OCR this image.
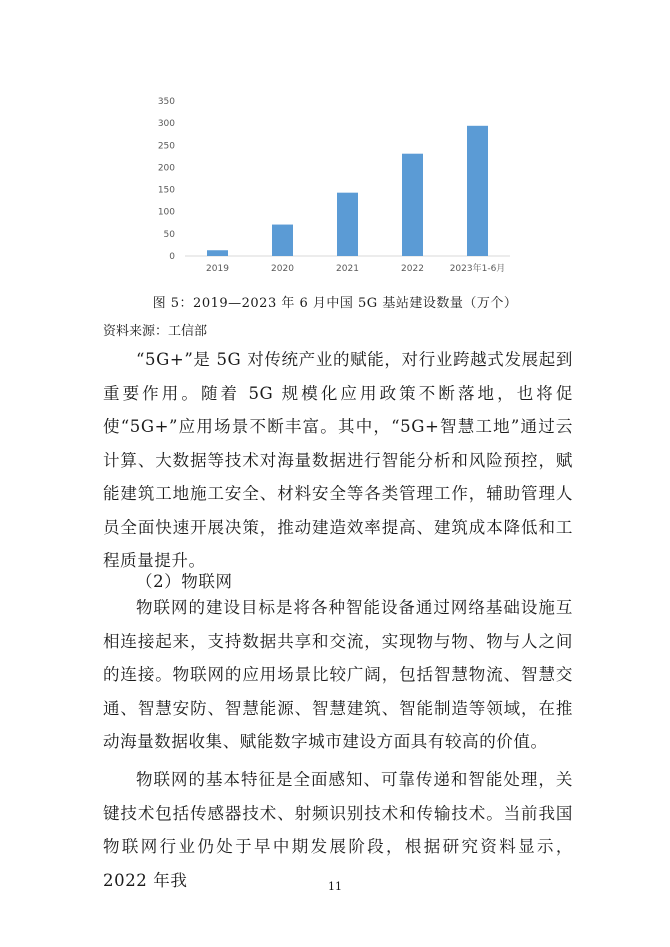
0
50
100
150
200
250
300
350
2019	2020	2021	2022	2023年1-6月
图 5：2019—2023 年 6 月中国 5G 基站建设数量（万个）
资料来源：工信部

“5G+”是 5G 对传统产业的赋能，对行业跨越式发展起到重要作用。随着 5G 规模化应用政策不断落地，也将促使“5G+”应用场景不断丰富。其中，“5G+智慧工地”通过云计算、大数据等技术对海量数据进行智能分析和风险预控，赋能建筑工地施工安全、材料安全等各类管理工作，辅助管理人员全面快速开展决策，推动建造效率提高、建筑成本降低和工程质量提升。

（2）物联网

物联网的建设目标是将各种智能设备通过网络基础设施互相连接起来，支持数据共享和交流，实现物与物、物与人之间的连接。物联网的应用场景比较广阔，包括智慧物流、智慧交通、智慧安防、智慧能源、智慧建筑、智能制造等领域，在推动海量数据收集、赋能数字城市建设方面具有较高的价值。

物联网的基本特征是全面感知、可靠传递和智能处理，关键技术包括传感器技术、射频识别技术和传输技术。当前我国物联网行业仍处于早中期发展阶段，根据研究资料显示，2022 年我	11
